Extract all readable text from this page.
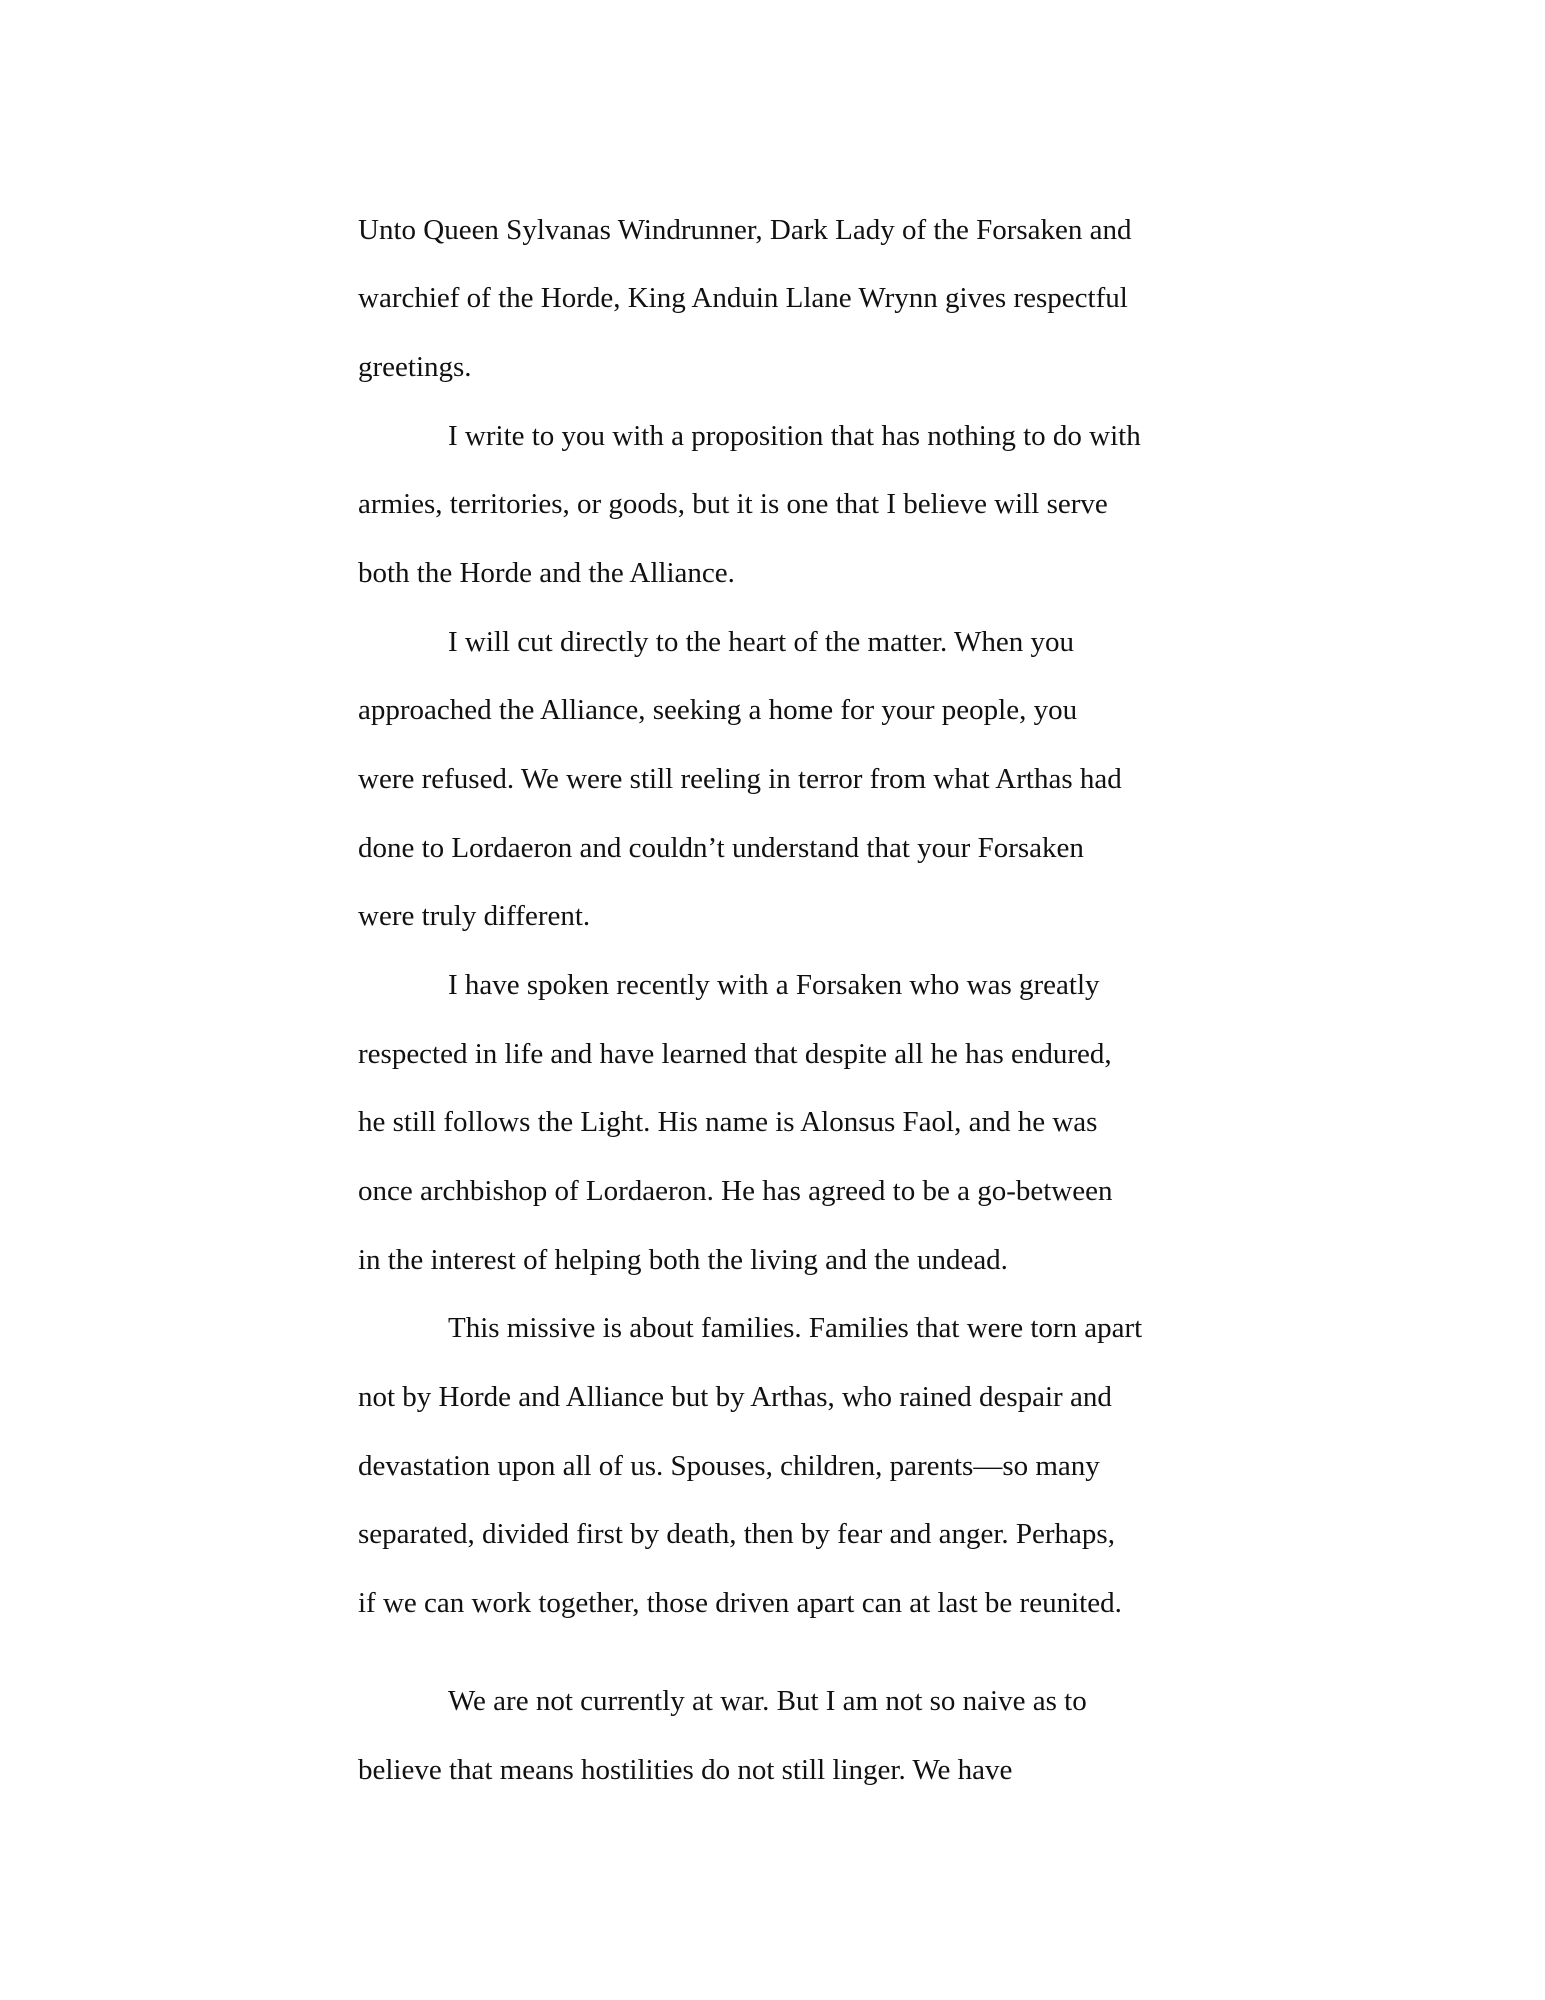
Unto Queen Sylvanas Windrunner, Dark Lady of the Forsaken and

warchief of the Horde, King Anduin Llane Wrynn gives respectful

greetings.

I write to you with a proposition that has nothing to do with

armies, territories, or goods, but it is one that I believe will serve

both the Horde and the Alliance.

I will cut directly to the heart of the matter. When you

approached the Alliance, seeking a home for your people, you

were refused. We were still reeling in terror from what Arthas had

done to Lordaeron and couldn’t understand that your Forsaken

were truly different.

I have spoken recently with a Forsaken who was greatly

respected in life and have learned that despite all he has endured,

he still follows the Light. His name is Alonsus Faol, and he was

once archbishop of Lordaeron. He has agreed to be a go-between

in the interest of helping both the living and the undead.

This missive is about families. Families that were torn apart

not by Horde and Alliance but by Arthas, who rained despair and

devastation upon all of us. Spouses, children, parents—so many

separated, divided first by death, then by fear and anger. Perhaps,

if we can work together, those driven apart can at last be reunited.

We are not currently at war. But I am not so naive as to

believe that means hostilities do not still linger. We have
